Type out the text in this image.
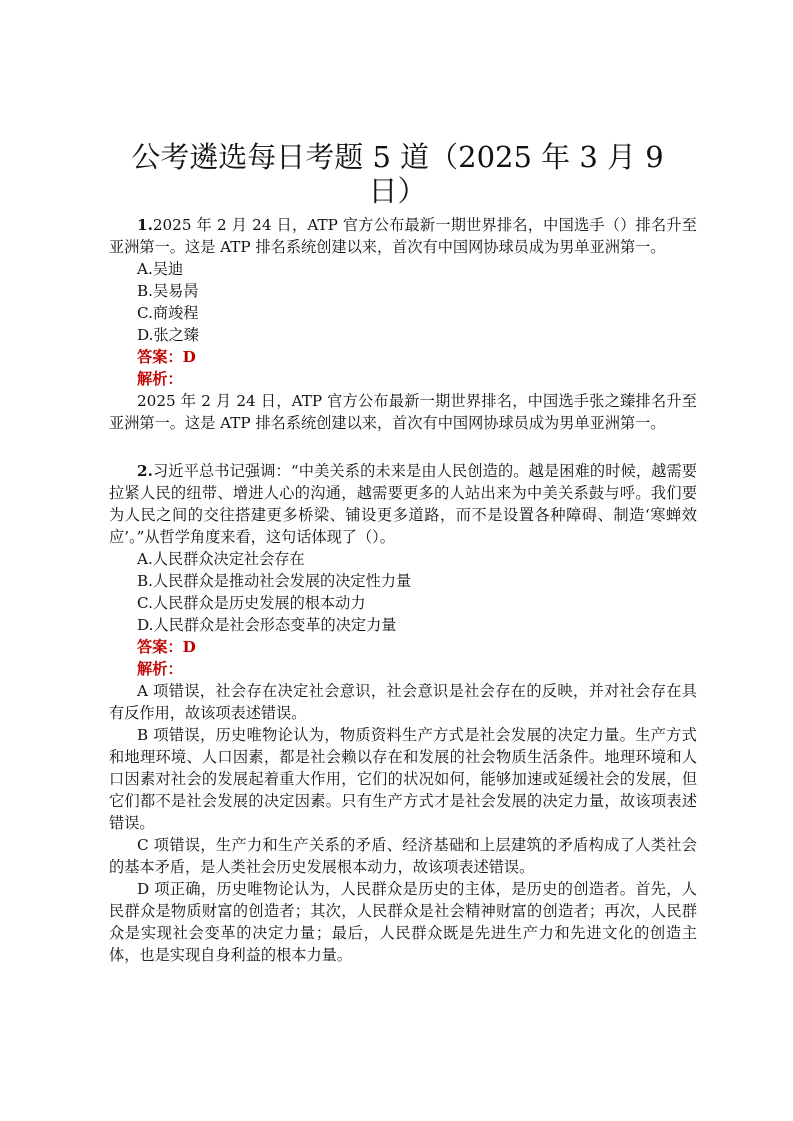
公考遴选每日考题 5 道（2025 年 3 月 9 日）

1.2025 年 2 月 24 日，ATP 官方公布最新一期世界排名，中国选手（）排名升至亚洲第一。这是 ATP 排名系统创建以来，首次有中国网协球员成为男单亚洲第一。

A.吴迪

B.吴易昺

C.商竣程

D.张之臻

答案：D

解析：

2025 年 2 月 24 日，ATP 官方公布最新一期世界排名，中国选手张之臻排名升至亚洲第一。这是 ATP 排名系统创建以来，首次有中国网协球员成为男单亚洲第一。

2.习近平总书记强调：“中美关系的未来是由人民创造的。越是困难的时候，越需要拉紧人民的纽带、增进人心的沟通，越需要更多的人站出来为中美关系鼓与呼。我们要为人民之间的交往搭建更多桥梁、铺设更多道路，而不是设置各种障碍、制造‘寒蝉效应’。”从哲学角度来看，这句话体现了（）。

A.人民群众决定社会存在

B.人民群众是推动社会发展的决定性力量

C.人民群众是历史发展的根本动力

D.人民群众是社会形态变革的决定力量

答案：D

解析：

A 项错误，社会存在决定社会意识，社会意识是社会存在的反映，并对社会存在具有反作用，故该项表述错误。

B 项错误，历史唯物论认为，物质资料生产方式是社会发展的决定力量。生产方式和地理环境、人口因素，都是社会赖以存在和发展的社会物质生活条件。地理环境和人口因素对社会的发展起着重大作用，它们的状况如何，能够加速或延缓社会的发展，但它们都不是社会发展的决定因素。只有生产方式才是社会发展的决定力量，故该项表述错误。

C 项错误，生产力和生产关系的矛盾、经济基础和上层建筑的矛盾构成了人类社会的基本矛盾，是人类社会历史发展根本动力，故该项表述错误。

D 项正确，历史唯物论认为，人民群众是历史的主体，是历史的创造者。首先，人民群众是物质财富的创造者；其次，人民群众是社会精神财富的创造者；再次，人民群众是实现社会变革的决定力量；最后，人民群众既是先进生产力和先进文化的创造主体，也是实现自身利益的根本力量。
